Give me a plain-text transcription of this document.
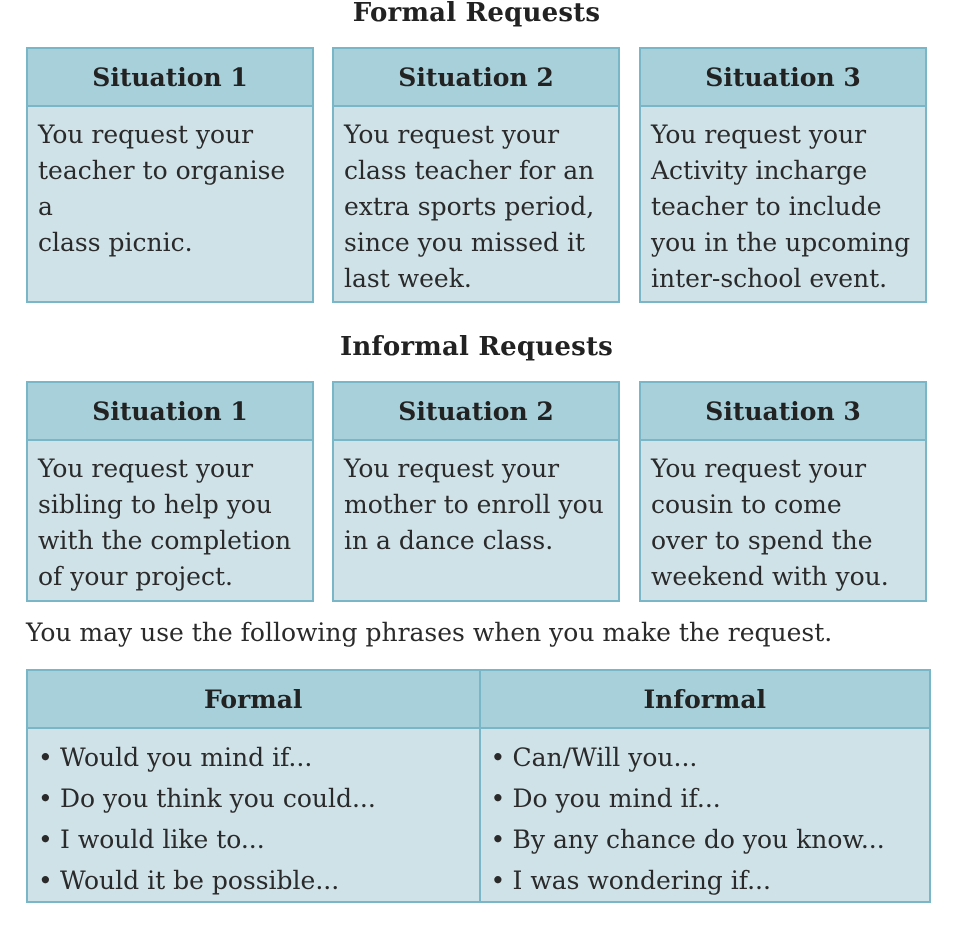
Formal Requests
Situation 1
You request your
teacher to organise a
class picnic.
Situation 2
You request your
class teacher for an
extra sports period,
since you missed it
last week.
Situation 3
You request your
Activity incharge
teacher to include
you in the upcoming
inter-school event.
Informal Requests
Situation 1
You request your
sibling to help you
with the completion
of your project.
Situation 2
You request your
mother to enroll you
in a dance class.
Situation 3
You request your
cousin to come
over to spend the
weekend with you.
You may use the following phrases when you make the request.
Formal
• Would you mind if...
• Do you think you could...
• I would like to...
• Would it be possible...
Informal
• Can/Will you...
• Do you mind if...
• By any chance do you know...
• I was wondering if...
